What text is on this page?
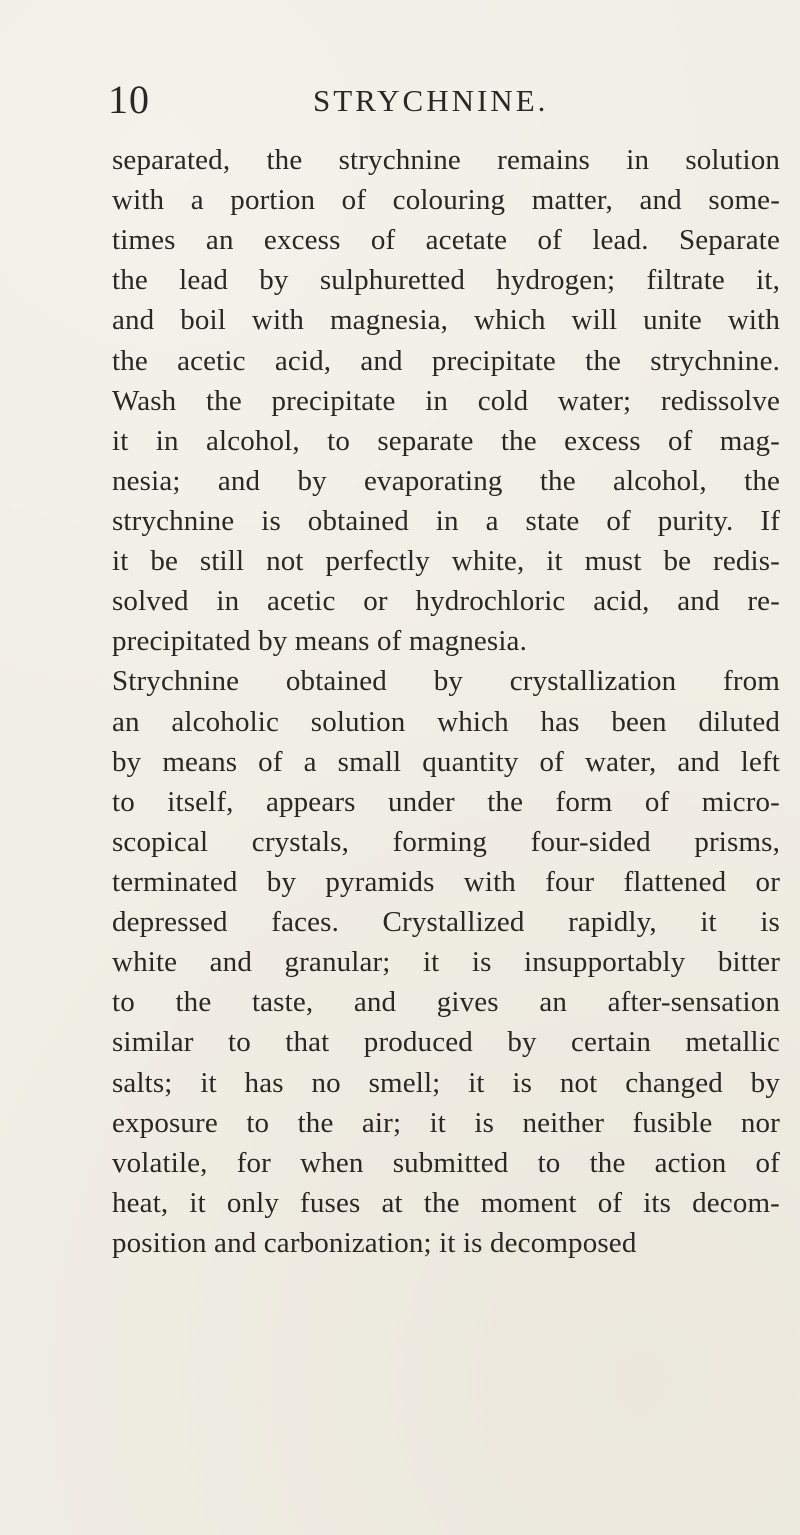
10	STRYCHNINE.
separated, the strychnine remains in solution
with a portion of colouring matter, and some-
times an excess of acetate of lead. Separate
the lead by sulphuretted hydrogen; filtrate it,
and boil with magnesia, which will unite with
the acetic acid, and precipitate the strychnine.
Wash the precipitate in cold water; redissolve
it in alcohol, to separate the excess of mag-
nesia; and by evaporating the alcohol, the
strychnine is obtained in a state of purity. If
it be still not perfectly white, it must be redis-
solved in acetic or hydrochloric acid, and re-
precipitated by means of magnesia.
Strychnine obtained by crystallization from
an alcoholic solution which has been diluted
by means of a small quantity of water, and left
to itself, appears under the form of micro-
scopical crystals, forming four-sided prisms,
terminated by pyramids with four flattened or
depressed faces. Crystallized rapidly, it is
white and granular; it is insupportably bitter
to the taste, and gives an after-sensation
similar to that produced by certain metallic
salts; it has no smell; it is not changed by
exposure to the air; it is neither fusible nor
volatile, for when submitted to the action of
heat, it only fuses at the moment of its decom-
position and carbonization; it is decomposed
